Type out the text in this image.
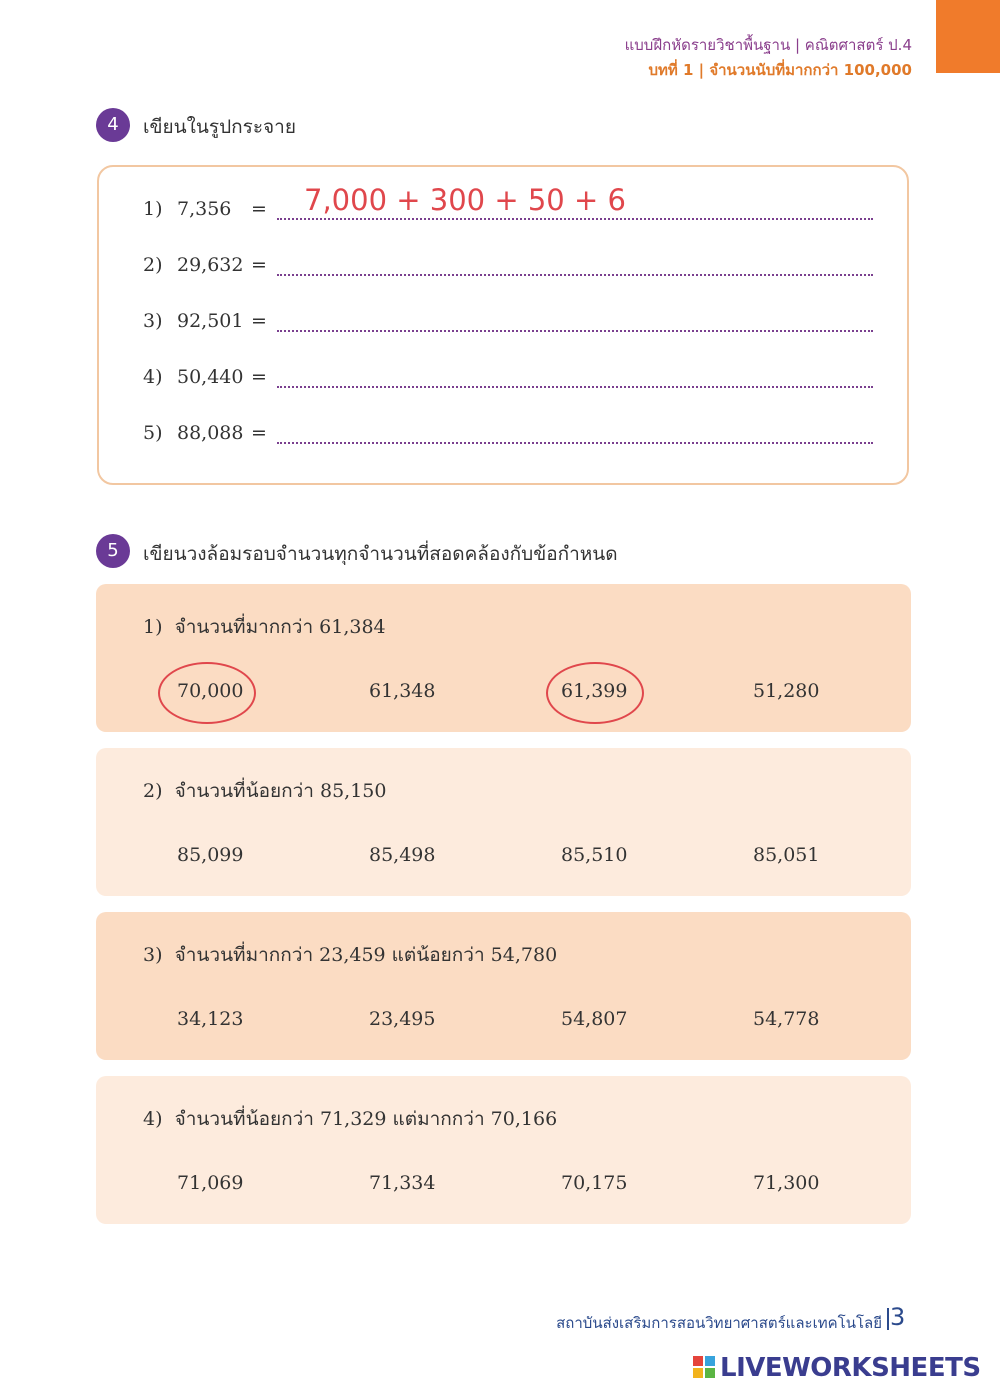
แบบฝึกหัดรายวิชาพื้นฐาน | คณิตศาสตร์ ป.4
บทที่ 1 | จำนวนนับที่มากกว่า 100,000
4	เขียนในรูปกระจาย
1) 7,356 = 7,000 + 300 + 50 + 6
2) 29,632 =
3) 92,501 =
4) 50,440 =
5) 88,088 =
5	เขียนวงล้อมรอบจำนวนทุกจำนวนที่สอดคล้องกับข้อกำหนด
1) จำนวนที่มากกว่า 61,384
70,000	61,348	61,399	51,280
2) จำนวนที่น้อยกว่า 85,150
85,099	85,498	85,510	85,051
3) จำนวนที่มากกว่า 23,459 แต่น้อยกว่า 54,780
34,123	23,495	54,807	54,778
4) จำนวนที่น้อยกว่า 71,329 แต่มากกว่า 70,166
71,069	71,334	70,175	71,300
สถาบันส่งเสริมการสอนวิทยาศาสตร์และเทคโนโลยี 3
LIVEWORKSHEETS
